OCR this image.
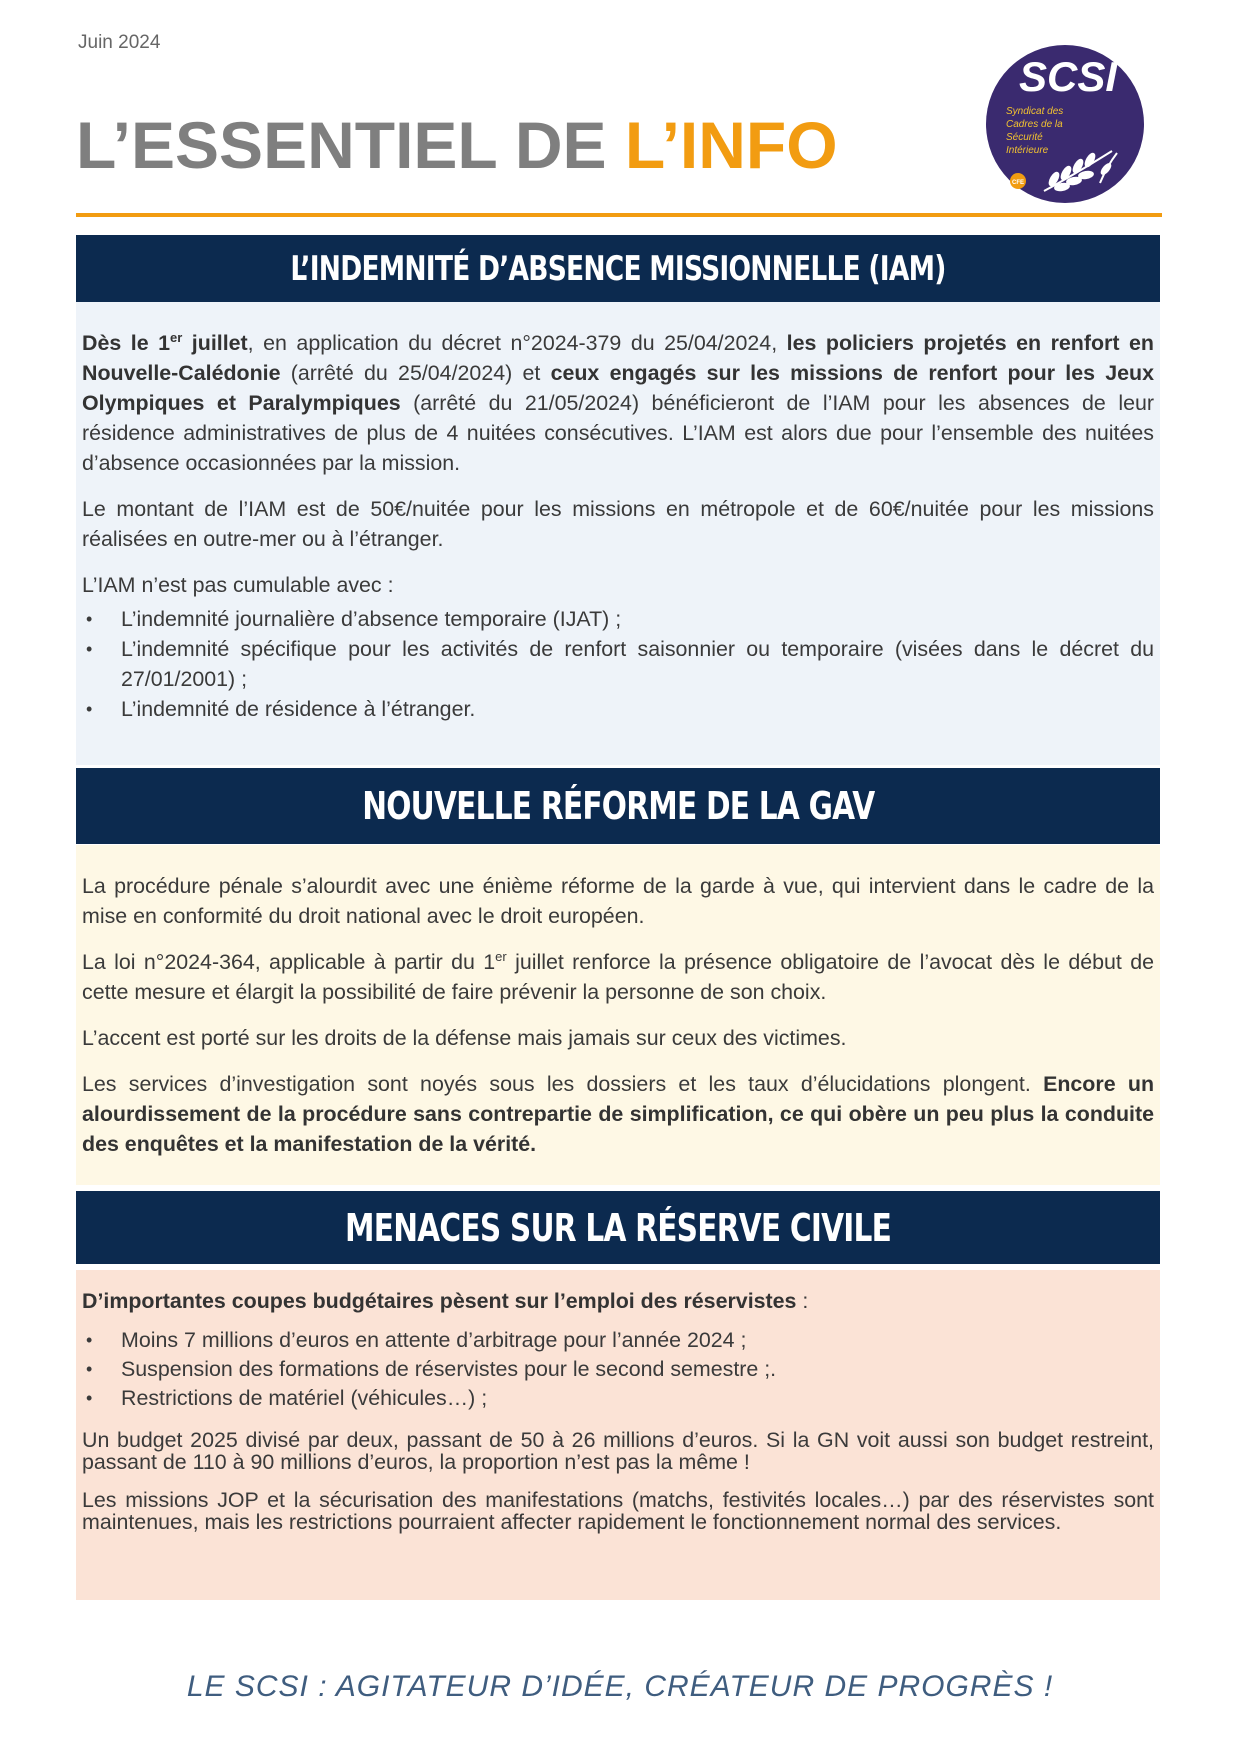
Juin 2024
L’ESSENTIEL DE L’INFO
SCSI
Syndicat des
Cadres de la
Sécurité
Intérieure
CFE
L’INDEMNITÉ D’ABSENCE MISSIONNELLE (IAM)

Dès le 1er juillet, en application du décret n°2024-379 du 25/04/2024, les policiers projetés en renfort en Nouvelle-Calédonie (arrêté du 25/04/2024) et ceux engagés sur les missions de renfort pour les Jeux Olympiques et Paralympiques (arrêté du 21/05/2024) bénéficieront de l’IAM pour les absences de leur résidence administratives de plus de 4 nuitées consécutives. L’IAM est alors due pour l’ensemble des nuitées d’absence occasionnées par la mission.

Le montant de l’IAM est de 50€/nuitée pour les missions en métropole et de 60€/nuitée pour les missions réalisées en outre-mer ou à l’étranger.

L’IAM n’est pas cumulable avec :

• L’indemnité journalière d’absence temporaire (IJAT) ;
• L’indemnité spécifique pour les activités de renfort saisonnier ou temporaire (visées dans le décret du 27/01/2001) ;
• L’indemnité de résidence à l’étranger.
NOUVELLE RÉFORME DE LA GAV

La procédure pénale s’alourdit avec une énième réforme de la garde à vue, qui intervient dans le cadre de la mise en conformité du droit national avec le droit européen.

La loi n°2024-364, applicable à partir du 1er juillet renforce la présence obligatoire de l’avocat dès le début de cette mesure et élargit la possibilité de faire prévenir la personne de son choix.

L’accent est porté sur les droits de la défense mais jamais sur ceux des victimes.

Les services d’investigation sont noyés sous les dossiers et les taux d’élucidations plongent. Encore un alourdissement de la procédure sans contrepartie de simplification, ce qui obère un peu plus la conduite des enquêtes et la manifestation de la vérité.

MENACES SUR LA RÉSERVE CIVILE

D’importantes coupes budgétaires pèsent sur l’emploi des réservistes :

• Moins 7 millions d’euros en attente d’arbitrage pour l’année 2024 ;
• Suspension des formations de réservistes pour le second semestre ;.
• Restrictions de matériel (véhicules…) ;

Un budget 2025 divisé par deux, passant de 50 à 26 millions d’euros. Si la GN voit aussi son budget restreint, passant de 110 à 90 millions d’euros, la proportion n’est pas la même !

Les missions JOP et la sécurisation des manifestations (matchs, festivités locales…) par des réservistes sont maintenues, mais les restrictions pourraient affecter rapidement le fonctionnement normal des services.

LE SCSI : AGITATEUR D’IDÉE, CRÉATEUR DE PROGRÈS !
